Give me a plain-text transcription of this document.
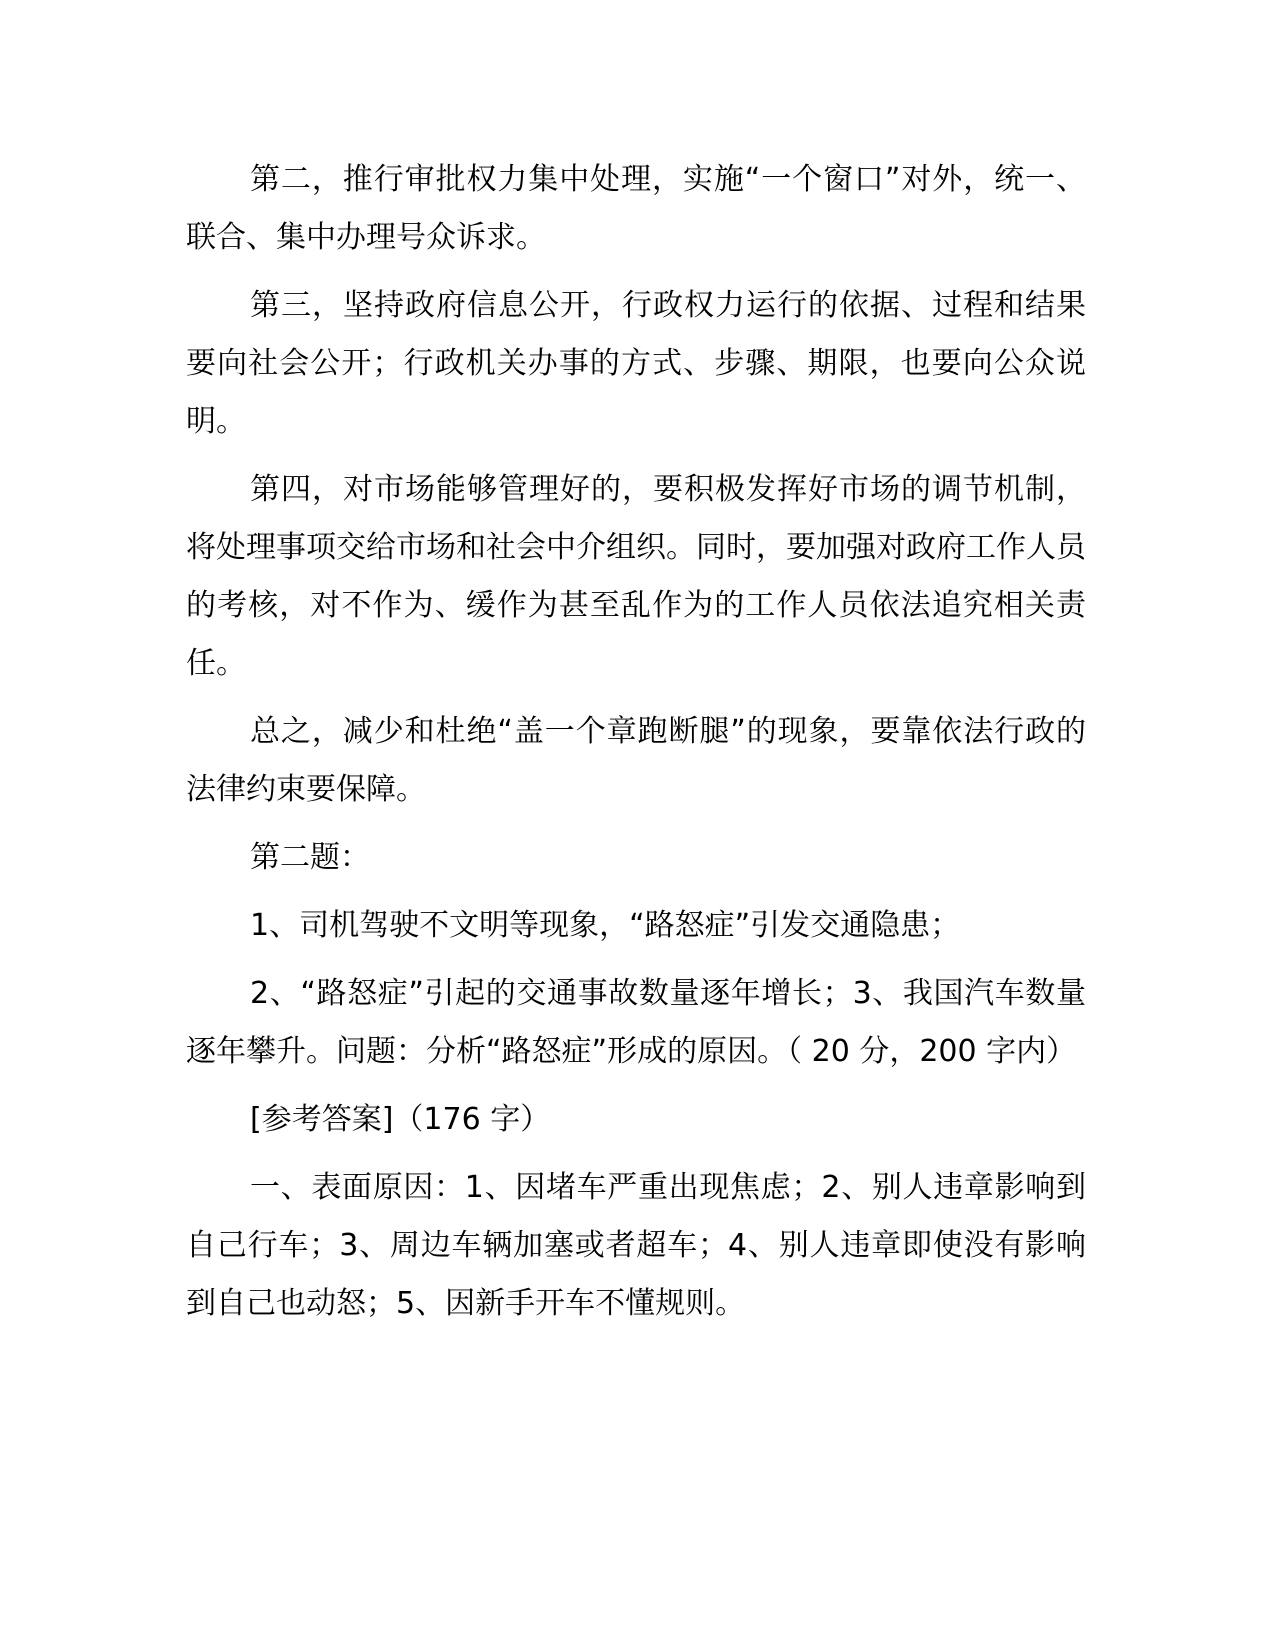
第二，推行审批权力集中处理，实施“一个窗口”对外，统一、联合、集中办理号众诉求。

第三，坚持政府信息公开，行政权力运行的依据、过程和结果要向社会公开；行政机关办事的方式、步骤、期限，也要向公众说明。

第四，对市场能够管理好的，要积极发挥好市场的调节机制，将处理事项交给市场和社会中介组织。同时，要加强对政府工作人员的考核，对不作为、缓作为甚至乱作为的工作人员依法追究相关责任。

总之，减少和杜绝“盖一个章跑断腿”的现象，要靠依法行政的法律约束要保障。

第二题：

1、司机驾驶不文明等现象，“路怒症”引发交通隐患；

2、“路怒症”引起的交通事故数量逐年增长；3、我国汽车数量逐年攀升。问题：分析“路怒症”形成的原因。（ 20 分，200 字内）

[参考答案]（176 字）

一、表面原因：1、因堵车严重出现焦虑；2、别人违章影响到自己行车；3、周边车辆加塞或者超车；4、别人违章即使没有影响到自己也动怒；5、因新手开车不懂规则。
